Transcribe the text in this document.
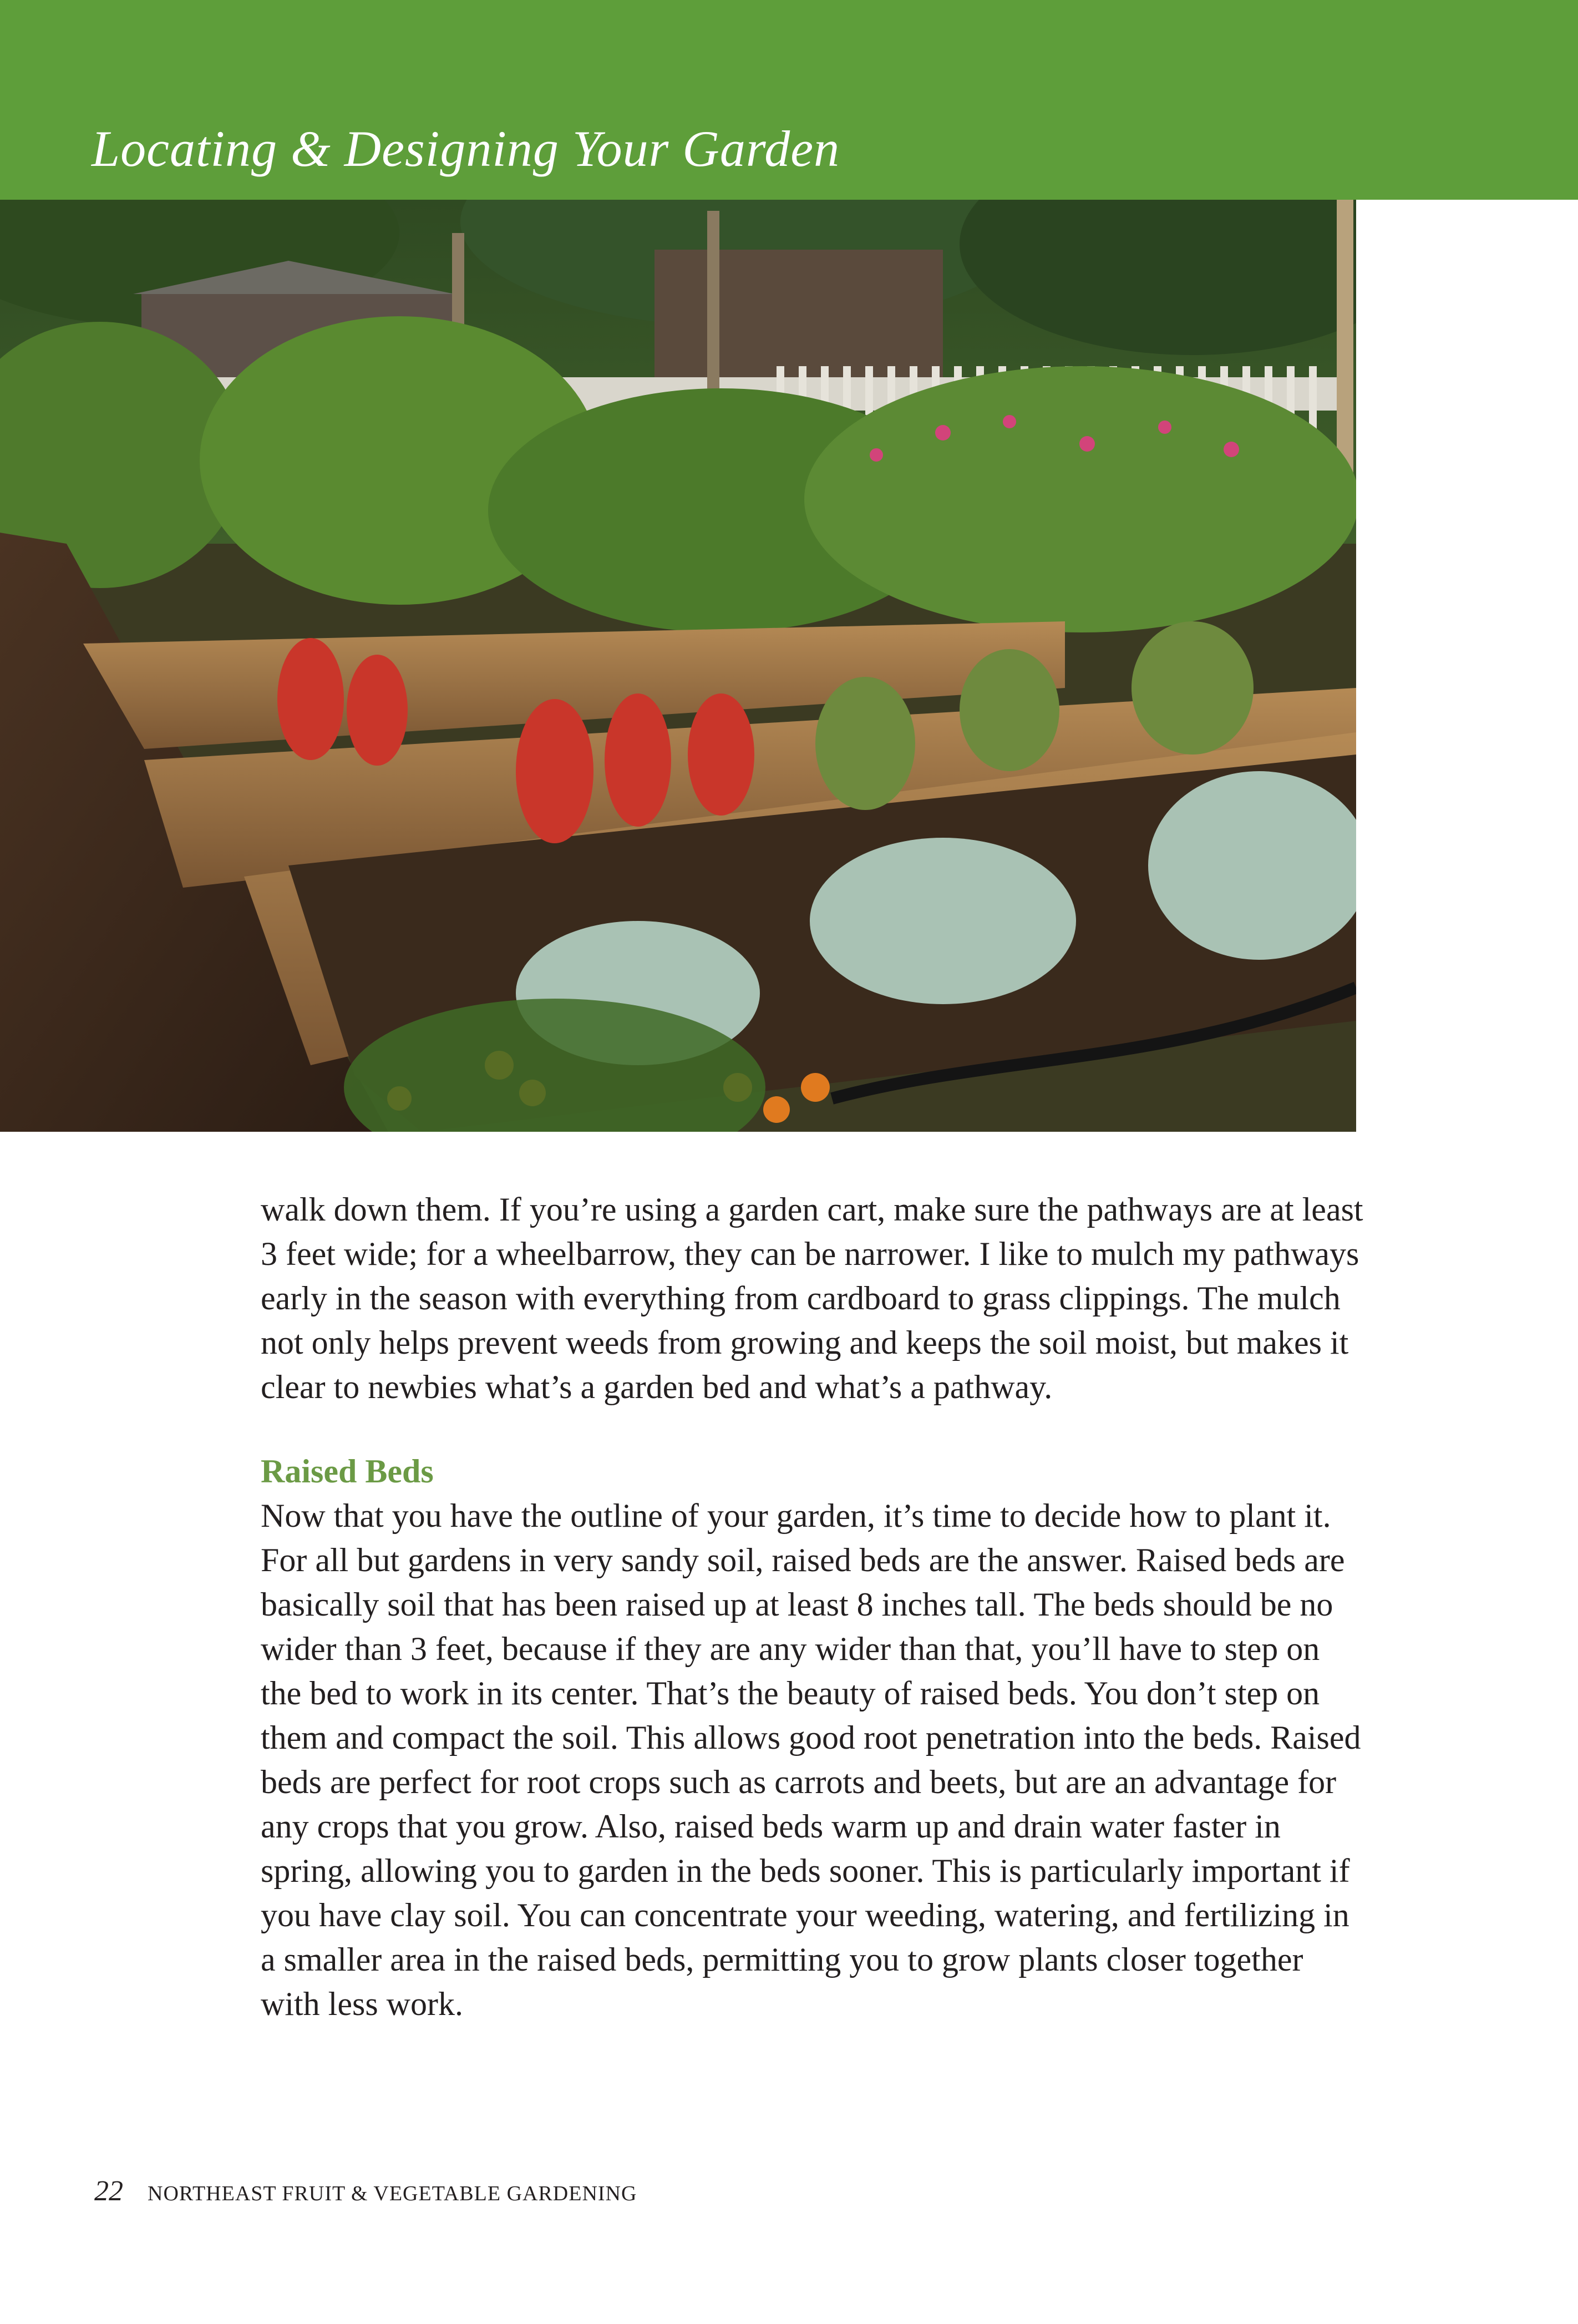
Locating & Designing Your Garden

walk down them. If you’re using a garden cart, make sure the pathways are at least 3 feet wide; for a wheelbarrow, they can be narrower. I like to mulch my pathways early in the season with everything from cardboard to grass clippings. The mulch not only helps prevent weeds from growing and keeps the soil moist, but makes it clear to newbies what’s a garden bed and what’s a pathway.

Raised Beds

Now that you have the outline of your garden, it’s time to decide how to plant it. For all but gardens in very sandy soil, raised beds are the answer. Raised beds are basically soil that has been raised up at least 8 inches tall. The beds should be no wider than 3 feet, because if they are any wider than that, you’ll have to step on the bed to work in its center. That’s the beauty of raised beds. You don’t step on them and compact the soil. This allows good root penetration into the beds. Raised beds are perfect for root crops such as carrots and beets, but are an advantage for any crops that you grow. Also, raised beds warm up and drain water faster in spring, allowing you to garden in the beds sooner. This is particularly important if you have clay soil. You can concentrate your weeding, watering, and fertilizing in a smaller area in the raised beds, permitting you to grow plants closer together with less work.

22 NORTHEAST FRUIT & VEGETABLE GARDENING
